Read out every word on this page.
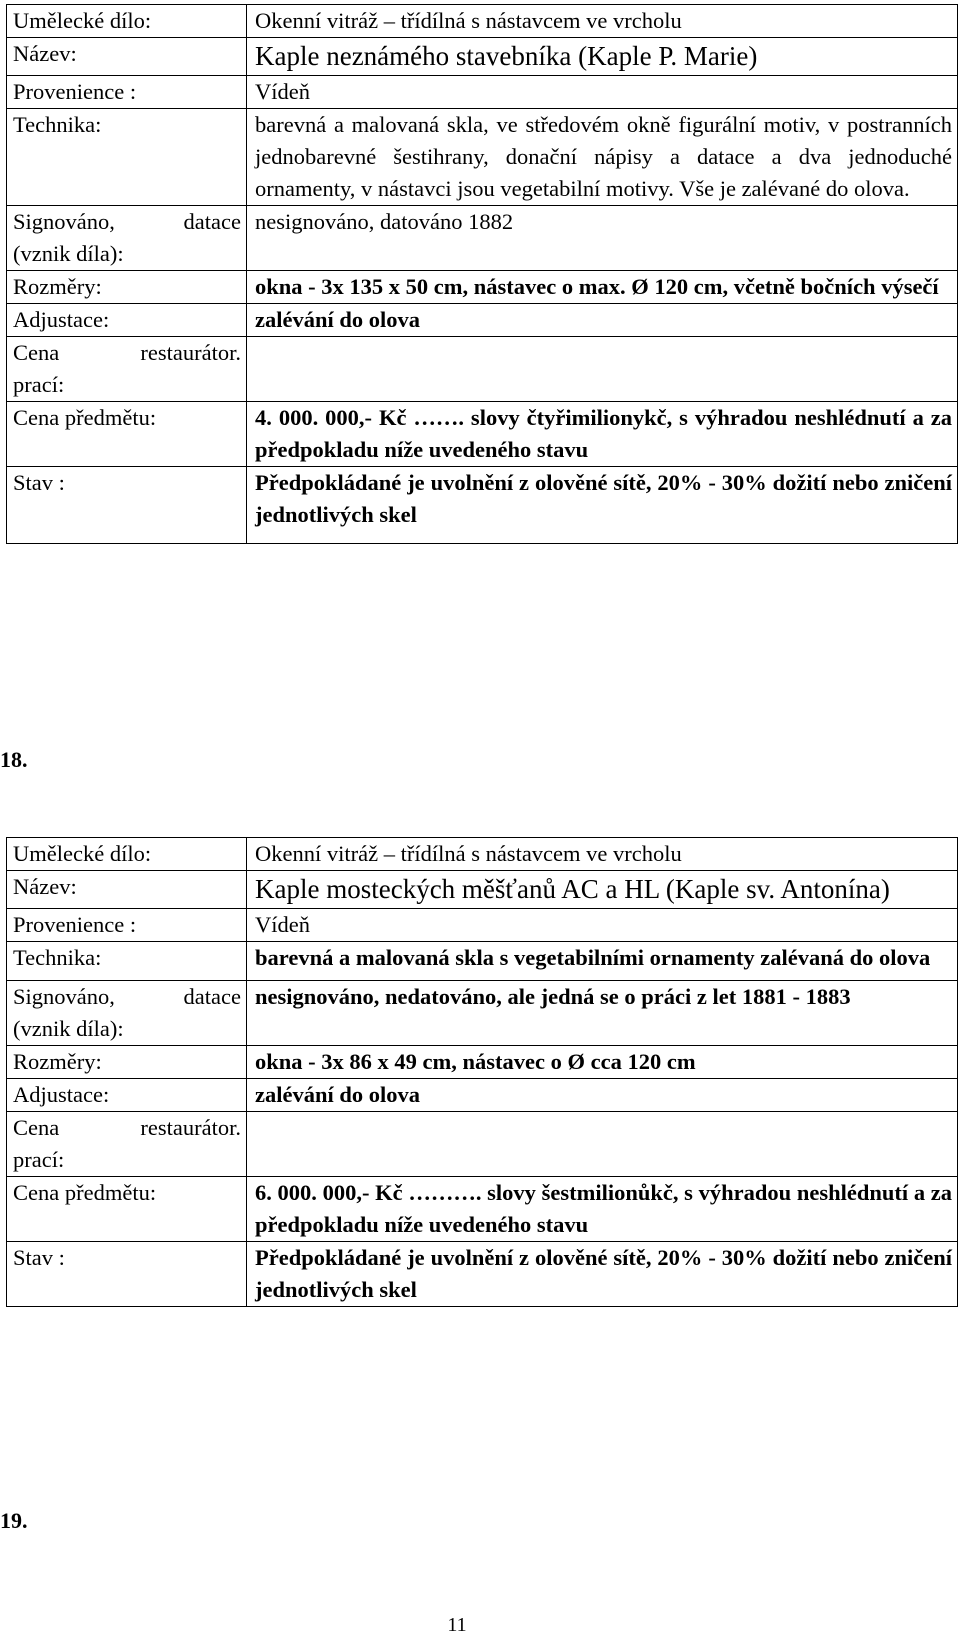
Umělecké dílo:	Okenní vitráž – třídílná s nástavcem ve vrcholu
Název:	Kaple neznámého stavebníka (Kaple P. Marie)
Provenience :	Vídeň
Technika:	barevná a malovaná skla, ve středovém okně figurální motiv, v postranních jednobarevné šestihrany, donační nápisy a datace a dva jednoduché ornamenty, v nástavci jsou vegetabilní motivy. Vše je zalévané do olova.

Signováno, datace
(vznik díla):	nesignováno, datováno 1882
Rozměry:	okna - 3x 135 x 50 cm, nástavec o max. Ø 120 cm, včetně bočních výsečí
Adjustace:	zalévání do olova

Cena restaurátor.
prací:	

Cena předmětu:	4. 000. 000,- Kč ……. slovy čtyřimilionykč, s výhradou neshlédnutí a za předpokladu níže uvedeného stavu
Stav :	Předpokládané je uvolnění z olověné sítě, 20% - 30% dožití nebo zničení jednotlivých skel
18.
Umělecké dílo:	Okenní vitráž – třídílná s nástavcem ve vrcholu
Název:	Kaple mosteckých měšťanů AC a HL (Kaple sv. Antonína)
Provenience :	Vídeň
Technika:	barevná a malovaná skla s vegetabilními ornamenty zalévaná do olova

Signováno, datace
(vznik díla):	nesignováno, nedatováno, ale jedná se o práci z let 1881 - 1883
Rozměry:	okna - 3x 86 x 49 cm, nástavec o Ø cca 120 cm
Adjustace:	zalévání do olova

Cena restaurátor.
prací:	

Cena předmětu:	6. 000. 000,- Kč ………. slovy šestmilionůkč, s výhradou neshlédnutí a za předpokladu níže uvedeného stavu
Stav :	Předpokládané je uvolnění z olověné sítě, 20% - 30% dožití nebo zničení jednotlivých skel
19.
11
